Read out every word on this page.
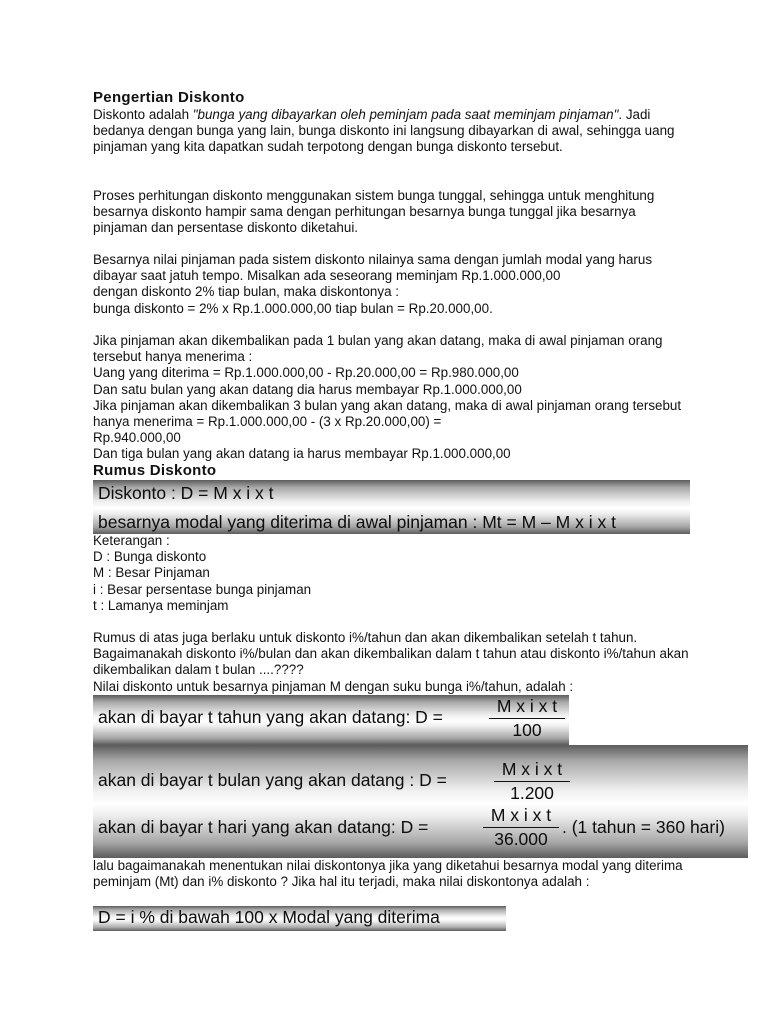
Pengertian Diskonto
Diskonto adalah "bunga yang dibayarkan oleh peminjam pada saat meminjam pinjaman". Jadi bedanya dengan bunga yang lain, bunga diskonto ini langsung dibayarkan di awal, sehingga uang pinjaman yang kita dapatkan sudah terpotong dengan bunga diskonto tersebut.
Proses perhitungan diskonto menggunakan sistem bunga tunggal, sehingga untuk menghitung besarnya diskonto hampir sama dengan perhitungan besarnya bunga tunggal jika besarnya pinjaman dan persentase diskonto diketahui.
Besarnya nilai pinjaman pada sistem diskonto nilainya sama dengan jumlah modal yang harus dibayar saat jatuh tempo. Misalkan ada seseorang meminjam Rp.1.000.000,00
dengan diskonto 2% tiap bulan, maka diskontonya :
bunga diskonto = 2% x Rp.1.000.000,00 tiap bulan = Rp.20.000,00.
Jika pinjaman akan dikembalikan pada 1 bulan yang akan datang, maka di awal pinjaman orang tersebut hanya menerima :
Uang yang diterima = Rp.1.000.000,00 - Rp.20.000,00 = Rp.980.000,00
Dan satu bulan yang akan datang dia harus membayar Rp.1.000.000,00
Jika pinjaman akan dikembalikan 3 bulan yang akan datang, maka di awal pinjaman orang tersebut hanya menerima = Rp.1.000.000,00 - (3 x Rp.20.000,00) =
Rp.940.000,00
Dan tiga bulan yang akan datang ia harus membayar Rp.1.000.000,00
Rumus Diskonto
Diskonto : D = M x i x t
besarnya modal yang diterima di awal pinjaman : Mt = M – M x i x t
Keterangan :
D : Bunga diskonto
M : Besar Pinjaman
i : Besar persentase bunga pinjaman
t : Lamanya meminjam
Rumus di atas juga berlaku untuk diskonto i%/tahun dan akan dikembalikan setelah t tahun. Bagaimanakah diskonto i%/bulan dan akan dikembalikan dalam t tahun atau diskonto i%/tahun akan dikembalikan dalam t bulan ....????
Nilai diskonto untuk besarnya pinjaman M dengan suku bunga i%/tahun, adalah :
akan di bayar t tahun yang akan datang: D =	$\frac{\text{M x i x t}}{100}$
akan di bayar t bulan yang akan datang : D =	$\frac{\text{M x i x t}}{1.200}$
akan di bayar t hari yang akan datang: D =	$\frac{\text{M x i x t}}{36.000}$ . (1 tahun = 360 hari)
lalu bagaimanakah menentukan nilai diskontonya jika yang diketahui besarnya modal yang diterima peminjam (Mt) dan i% diskonto ? Jika hal itu terjadi, maka nilai diskontonya adalah :
D = i % di bawah 100 x Modal yang diterima
